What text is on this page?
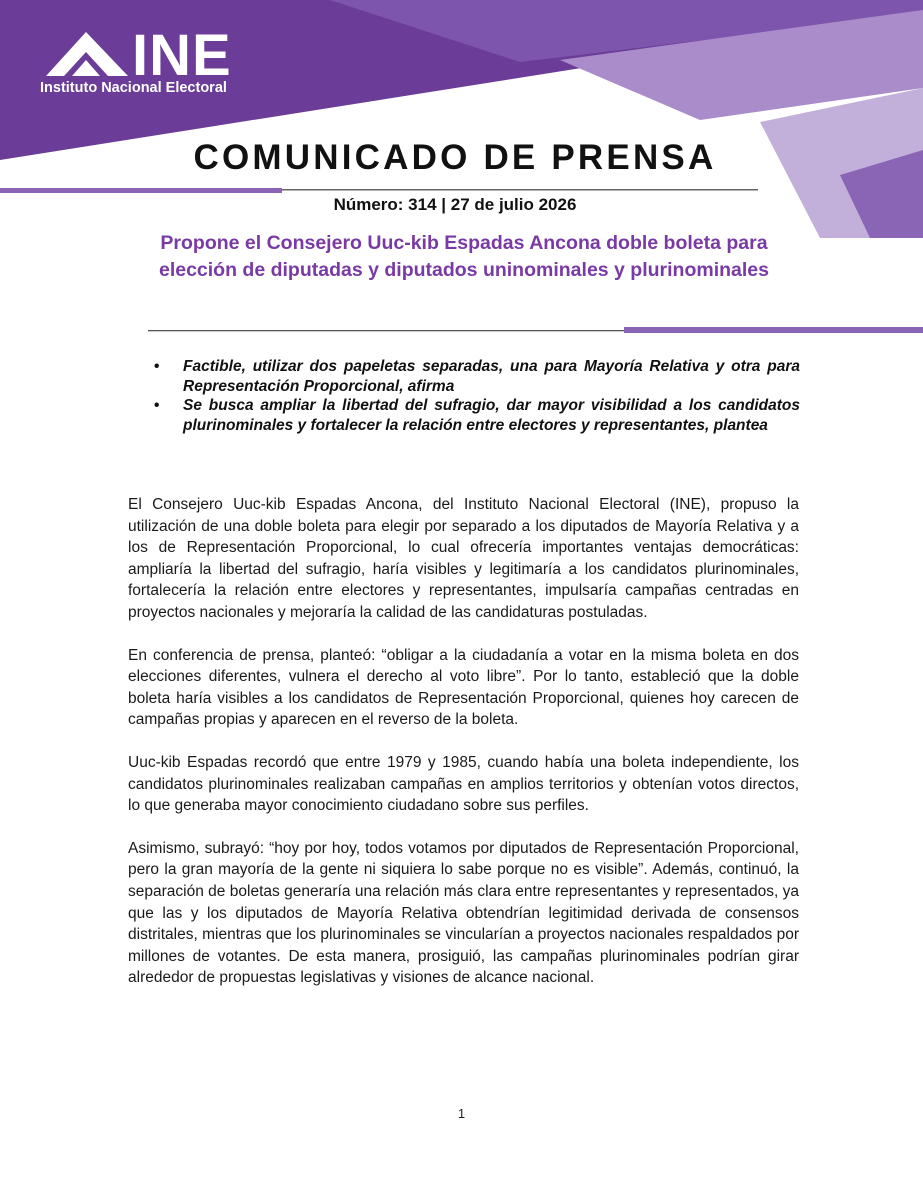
INE
Instituto Nacional Electoral
COMUNICADO DE PRENSA
Número: 314 | 27 de julio 2026
Propone el Consejero Uuc-kib Espadas Ancona doble boleta para elección de diputadas y diputados uninominales y plurinominales
• Factible, utilizar dos papeletas separadas, una para Mayoría Relativa y otra para Representación Proporcional, afirma
• Se busca ampliar la libertad del sufragio, dar mayor visibilidad a los candidatos plurinominales y fortalecer la relación entre electores y representantes, plantea

El Consejero Uuc-kib Espadas Ancona, del Instituto Nacional Electoral (INE), propuso la utilización de una doble boleta para elegir por separado a los diputados de Mayoría Relativa y a los de Representación Proporcional, lo cual ofrecería importantes ventajas democráticas: ampliaría la libertad del sufragio, haría visibles y legitimaría a los candidatos plurinominales, fortalecería la relación entre electores y representantes, impulsaría campañas centradas en proyectos nacionales y mejoraría la calidad de las candidaturas postuladas.

En conferencia de prensa, planteó: “obligar a la ciudadanía a votar en la misma boleta en dos elecciones diferentes, vulnera el derecho al voto libre”. Por lo tanto, estableció que la doble boleta haría visibles a los candidatos de Representación Proporcional, quienes hoy carecen de campañas propias y aparecen en el reverso de la boleta.

Uuc-kib Espadas recordó que entre 1979 y 1985, cuando había una boleta independiente, los candidatos plurinominales realizaban campañas en amplios territorios y obtenían votos directos, lo que generaba mayor conocimiento ciudadano sobre sus perfiles.

Asimismo, subrayó: “hoy por hoy, todos votamos por diputados de Representación Proporcional, pero la gran mayoría de la gente ni siquiera lo sabe porque no es visible”. Además, continuó, la separación de boletas generaría una relación más clara entre representantes y representados, ya que las y los diputados de Mayoría Relativa obtendrían legitimidad derivada de consensos distritales, mientras que los plurinominales se vincularían a proyectos nacionales respaldados por millones de votantes. De esta manera, prosiguió, las campañas plurinominales podrían girar alrededor de propuestas legislativas y visiones de alcance nacional.

1
